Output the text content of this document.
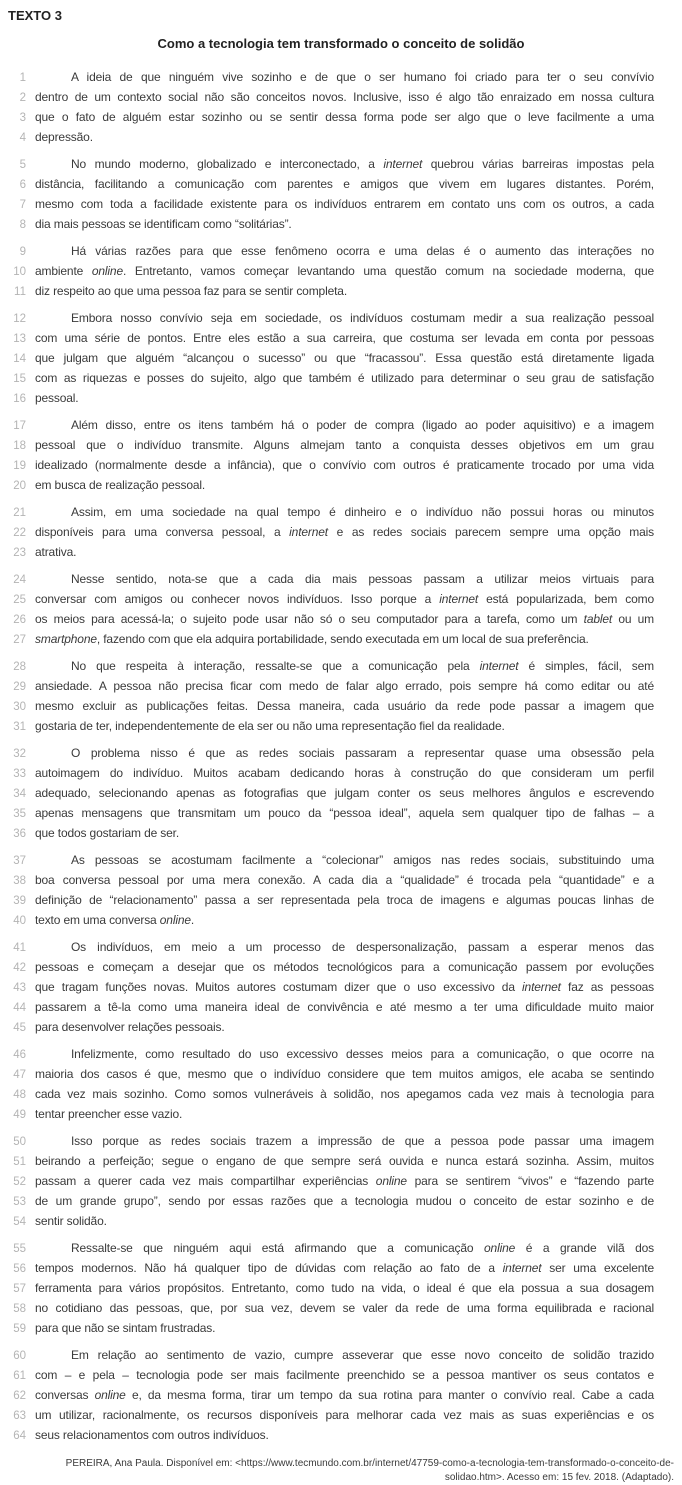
TEXTO 3
Como a tecnologia tem transformado o conceito de solidão
1	A ideia de que ninguém vive sozinho e de que o ser humano foi criado para ter o seu convívio
2 dentro de um contexto social não são conceitos novos. Inclusive, isso é algo tão enraizado em nossa cultura
3 que o fato de alguém estar sozinho ou se sentir dessa forma pode ser algo que o leve facilmente a uma
4 depressão.
5	No mundo moderno, globalizado e interconectado, a internet quebrou várias barreiras impostas pela
6 distância, facilitando a comunicação com parentes e amigos que vivem em lugares distantes. Porém,
7 mesmo com toda a facilidade existente para os indivíduos entrarem em contato uns com os outros, a cada
8 dia mais pessoas se identificam como “solitárias”.
9	Há várias razões para que esse fenômeno ocorra e uma delas é o aumento das interações no
10 ambiente online. Entretanto, vamos começar levantando uma questão comum na sociedade moderna, que
11 diz respeito ao que uma pessoa faz para se sentir completa.
12	Embora nosso convívio seja em sociedade, os indivíduos costumam medir a sua realização pessoal
13 com uma série de pontos. Entre eles estão a sua carreira, que costuma ser levada em conta por pessoas
14 que julgam que alguém “alcançou o sucesso” ou que “fracassou”. Essa questão está diretamente ligada
15 com as riquezas e posses do sujeito, algo que também é utilizado para determinar o seu grau de satisfação
16 pessoal.
17	Além disso, entre os itens também há o poder de compra (ligado ao poder aquisitivo) e a imagem
18 pessoal que o indivíduo transmite. Alguns almejam tanto a conquista desses objetivos em um grau
19 idealizado (normalmente desde a infância), que o convívio com outros é praticamente trocado por uma vida
20 em busca de realização pessoal.
21	Assim, em uma sociedade na qual tempo é dinheiro e o indivíduo não possui horas ou minutos
22 disponíveis para uma conversa pessoal, a internet e as redes sociais parecem sempre uma opção mais
23 atrativa.
24	Nesse sentido, nota-se que a cada dia mais pessoas passam a utilizar meios virtuais para
25 conversar com amigos ou conhecer novos indivíduos. Isso porque a internet está popularizada, bem como
26 os meios para acessá-la; o sujeito pode usar não só o seu computador para a tarefa, como um tablet ou um
27 smartphone, fazendo com que ela adquira portabilidade, sendo executada em um local de sua preferência.
28	No que respeita à interação, ressalte-se que a comunicação pela internet é simples, fácil, sem
29 ansiedade. A pessoa não precisa ficar com medo de falar algo errado, pois sempre há como editar ou até
30 mesmo excluir as publicações feitas. Dessa maneira, cada usuário da rede pode passar a imagem que
31 gostaria de ter, independentemente de ela ser ou não uma representação fiel da realidade.
32	O problema nisso é que as redes sociais passaram a representar quase uma obsessão pela
33 autoimagem do indivíduo. Muitos acabam dedicando horas à construção do que consideram um perfil
34 adequado, selecionando apenas as fotografias que julgam conter os seus melhores ângulos e escrevendo
35 apenas mensagens que transmitam um pouco da “pessoa ideal”, aquela sem qualquer tipo de falhas – a
36 que todos gostariam de ser.
37	As pessoas se acostumam facilmente a “colecionar” amigos nas redes sociais, substituindo uma
38 boa conversa pessoal por uma mera conexão. A cada dia a “qualidade” é trocada pela “quantidade” e a
39 definição de “relacionamento” passa a ser representada pela troca de imagens e algumas poucas linhas de
40 texto em uma conversa online.
41	Os indivíduos, em meio a um processo de despersonalização, passam a esperar menos das
42 pessoas e começam a desejar que os métodos tecnológicos para a comunicação passem por evoluções
43 que tragam funções novas. Muitos autores costumam dizer que o uso excessivo da internet faz as pessoas
44 passarem a tê-la como uma maneira ideal de convivência e até mesmo a ter uma dificuldade muito maior
45 para desenvolver relações pessoais.
46	Infelizmente, como resultado do uso excessivo desses meios para a comunicação, o que ocorre na
47 maioria dos casos é que, mesmo que o indivíduo considere que tem muitos amigos, ele acaba se sentindo
48 cada vez mais sozinho. Como somos vulneráveis à solidão, nos apegamos cada vez mais à tecnologia para
49 tentar preencher esse vazio.
50	Isso porque as redes sociais trazem a impressão de que a pessoa pode passar uma imagem
51 beirando a perfeição; segue o engano de que sempre será ouvida e nunca estará sozinha. Assim, muitos
52 passam a querer cada vez mais compartilhar experiências online para se sentirem “vivos” e “fazendo parte
53 de um grande grupo”, sendo por essas razões que a tecnologia mudou o conceito de estar sozinho e de
54 sentir solidão.
55	Ressalte-se que ninguém aqui está afirmando que a comunicação online é a grande vilã dos
56 tempos modernos. Não há qualquer tipo de dúvidas com relação ao fato de a internet ser uma excelente
57 ferramenta para vários propósitos. Entretanto, como tudo na vida, o ideal é que ela possua a sua dosagem
58 no cotidiano das pessoas, que, por sua vez, devem se valer da rede de uma forma equilibrada e racional
59 para que não se sintam frustradas.
60	Em relação ao sentimento de vazio, cumpre asseverar que esse novo conceito de solidão trazido
61 com – e pela – tecnologia pode ser mais facilmente preenchido se a pessoa mantiver os seus contatos e
62 conversas online e, da mesma forma, tirar um tempo da sua rotina para manter o convívio real. Cabe a cada
63 um utilizar, racionalmente, os recursos disponíveis para melhorar cada vez mais as suas experiências e os
64 seus relacionamentos com outros indivíduos.
PEREIRA, Ana Paula. Disponível em: <https://www.tecmundo.com.br/internet/47759-como-a-tecnologia-tem-transformado-o-conceito-de-solidao.htm>. Acesso em: 15 fev. 2018. (Adaptado).
